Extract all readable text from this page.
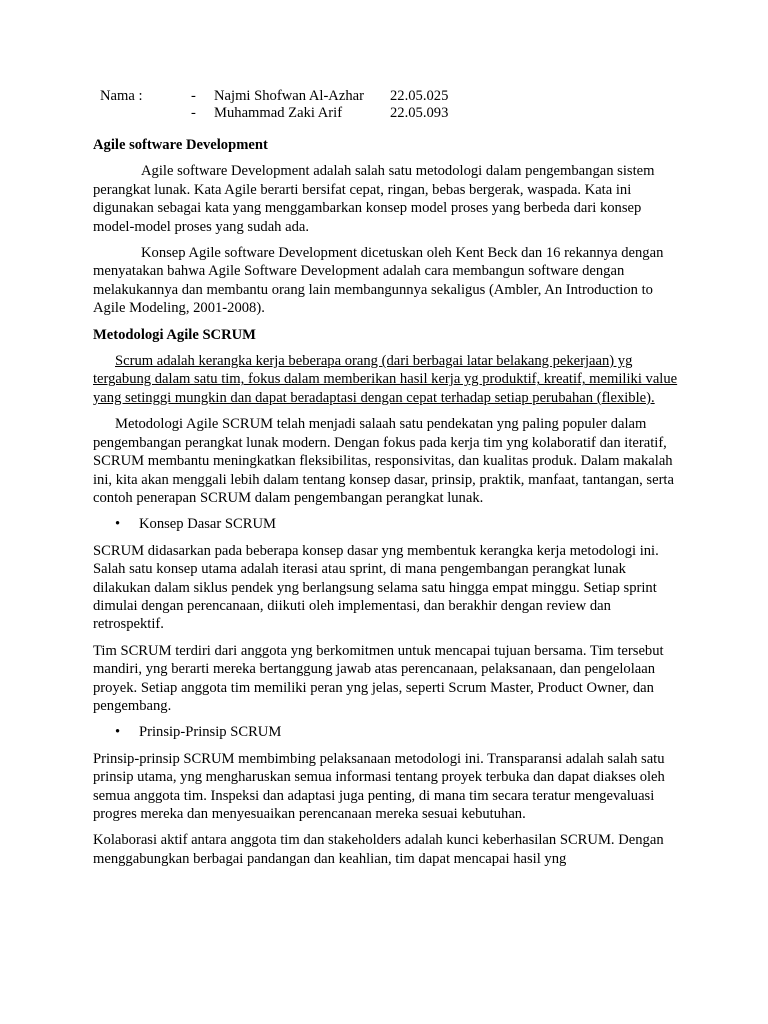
Nama :	- Najmi Shofwan Al-Azhar 22.05.025
- Muhammad Zaki Arif	22.05.093
Agile software Development

Agile software Development adalah salah satu metodologi dalam pengembangan sistem perangkat lunak. Kata Agile berarti bersifat cepat, ringan, bebas bergerak, waspada. Kata ini digunakan sebagai kata yang menggambarkan konsep model proses yang berbeda dari konsep model-model proses yang sudah ada.

Konsep Agile software Development dicetuskan oleh Kent Beck dan 16 rekannya dengan menyatakan bahwa Agile Software Development adalah cara membangun software dengan melakukannya dan membantu orang lain membangunnya sekaligus (Ambler, An Introduction to Agile Modeling, 2001-2008).

Metodologi Agile SCRUM

Scrum adalah kerangka kerja beberapa orang (dari berbagai latar belakang pekerjaan) yg tergabung dalam satu tim, fokus dalam memberikan hasil kerja yg produktif, kreatif, memiliki value yang setinggi mungkin dan dapat beradaptasi dengan cepat terhadap setiap perubahan (flexible).

Metodologi Agile SCRUM telah menjadi salaah satu pendekatan yng paling populer dalam pengembangan perangkat lunak modern. Dengan fokus pada kerja tim yng kolaboratif dan iteratif, SCRUM membantu meningkatkan fleksibilitas, responsivitas, dan kualitas produk. Dalam makalah ini, kita akan menggali lebih dalam tentang konsep dasar, prinsip, praktik, manfaat, tantangan, serta contoh penerapan SCRUM dalam pengembangan perangkat lunak.

• Konsep Dasar SCRUM

SCRUM didasarkan pada beberapa konsep dasar yng membentuk kerangka kerja metodologi ini. Salah satu konsep utama adalah iterasi atau sprint, di mana pengembangan perangkat lunak dilakukan dalam siklus pendek yng berlangsung selama satu hingga empat minggu. Setiap sprint dimulai dengan perencanaan, diikuti oleh implementasi, dan berakhir dengan review dan retrospektif.

Tim SCRUM terdiri dari anggota yng berkomitmen untuk mencapai tujuan bersama. Tim tersebut mandiri, yng berarti mereka bertanggung jawab atas perencanaan, pelaksanaan, dan pengelolaan proyek. Setiap anggota tim memiliki peran yng jelas, seperti Scrum Master, Product Owner, dan pengembang.

• Prinsip-Prinsip SCRUM

Prinsip-prinsip SCRUM membimbing pelaksanaan metodologi ini. Transparansi adalah salah satu prinsip utama, yng mengharuskan semua informasi tentang proyek terbuka dan dapat diakses oleh semua anggota tim. Inspeksi dan adaptasi juga penting, di mana tim secara teratur mengevaluasi progres mereka dan menyesuaikan perencanaan mereka sesuai kebutuhan.

Kolaborasi aktif antara anggota tim dan stakeholders adalah kunci keberhasilan SCRUM. Dengan menggabungkan berbagai pandangan dan keahlian, tim dapat mencapai hasil yng
